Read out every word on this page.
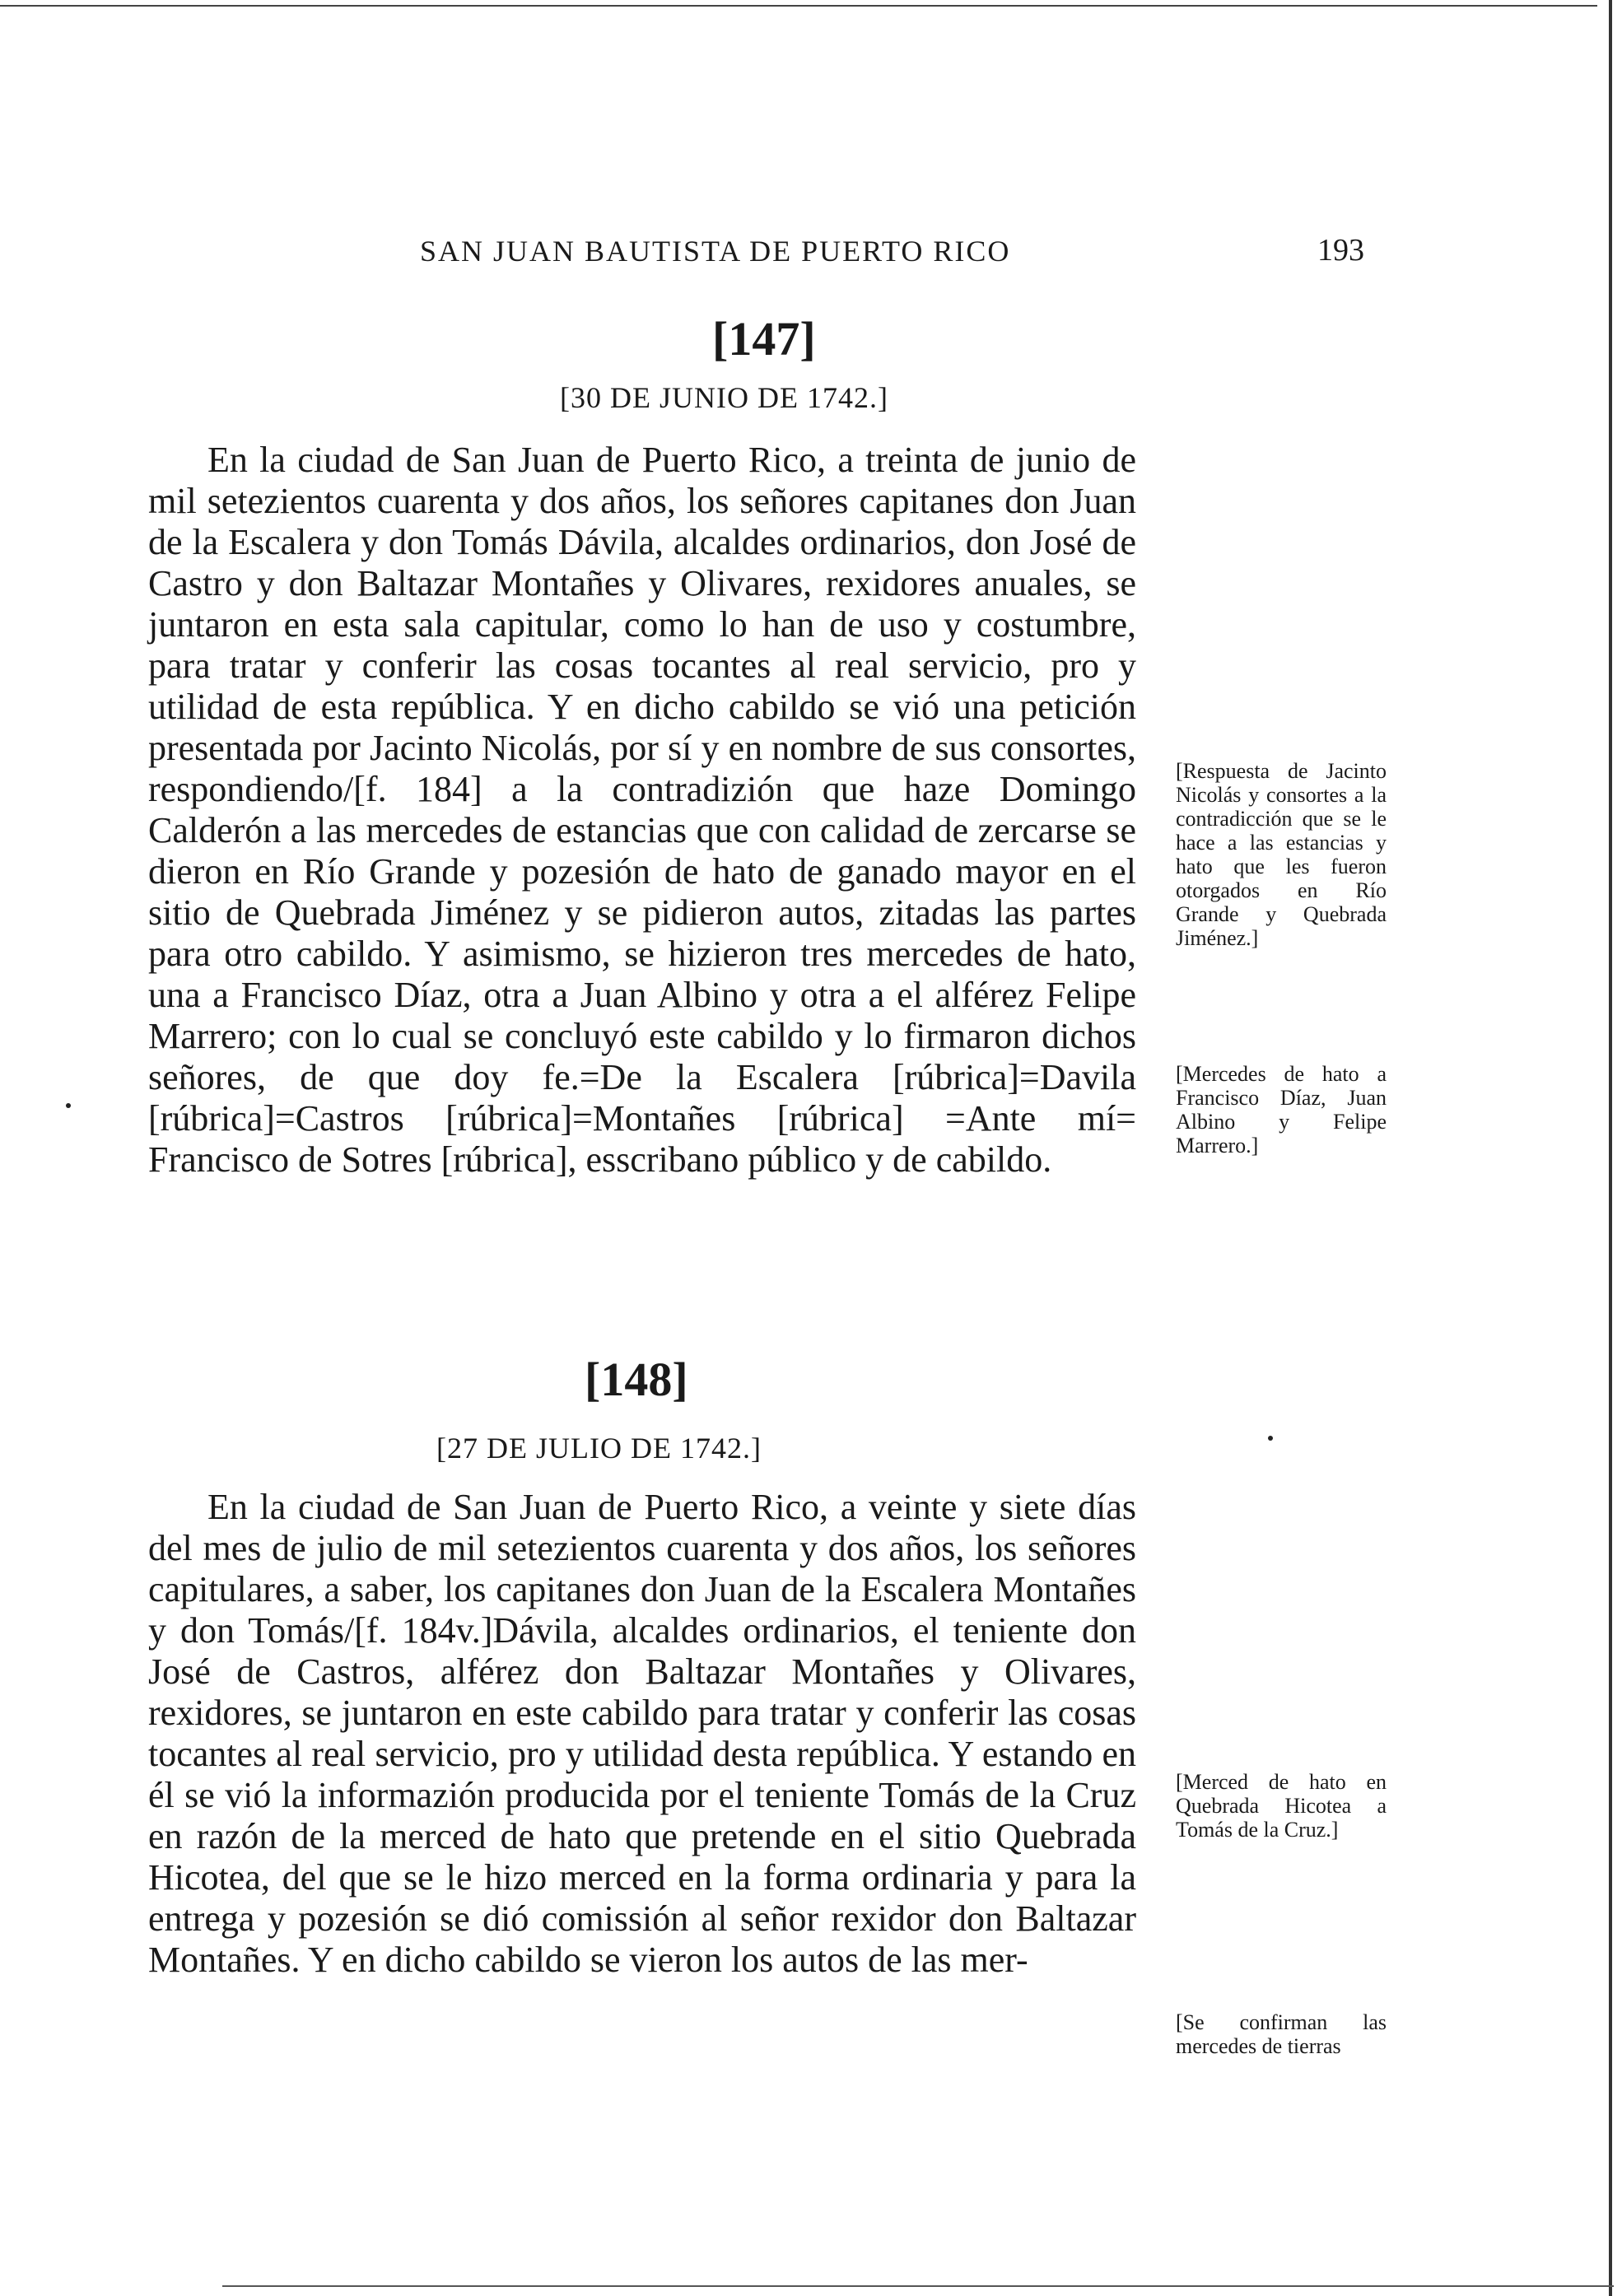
SAN JUAN BAUTISTA DE PUERTO RICO	193
[147]
[30 DE JUNIO DE 1742.]
En la ciudad de San Juan de Puerto Rico, a treinta de junio de mil setezientos cuarenta y dos años, los señores capitanes don Juan de la Escalera y don Tomás Dávila, alcaldes ordinarios, don José de Castro y don Baltazar Montañes y Olivares, rexidores anuales, se juntaron en esta sala capitular, como lo han de uso y costumbre, para tratar y conferir las cosas tocantes al real servicio, pro y utilidad de esta república. Y en dicho cabildo se vió una petición presentada por Jacinto Nicolás, por sí y en nombre de sus consortes, respondiendo/[f. 184] a la contradizión que haze Domingo Calderón a las mercedes de estancias que con calidad de zercarse se dieron en Río Grande y pozesión de hato de ganado mayor en el sitio de Quebrada Jiménez y se pidieron autos, zitadas las partes para otro cabildo. Y asimismo, se hizieron tres mercedes de hato, una a Francisco Díaz, otra a Juan Albino y otra a el alférez Felipe Marrero; con lo cual se concluyó este cabildo y lo firmaron dichos señores, de que doy fe.=De la Escalera [rúbrica]=Davila [rúbrica]=Castros [rúbrica]=Montañes [rúbrica] =Ante mí= Francisco de Sotres [rúbrica], esscribano público y de cabildo.
[148]
[27 DE JULIO DE 1742.]
En la ciudad de San Juan de Puerto Rico, a veinte y siete días del mes de julio de mil setezientos cuarenta y dos años, los señores capitulares, a saber, los capitanes don Juan de la Escalera Montañes y don Tomás/[f. 184v.]Dávila, alcaldes ordinarios, el teniente don José de Castros, alférez don Baltazar Montañes y Olivares, rexidores, se juntaron en este cabildo para tratar y conferir las cosas tocantes al real servicio, pro y utilidad desta república. Y estando en él se vió la informazión producida por el teniente Tomás de la Cruz en razón de la merced de hato que pretende en el sitio Quebrada Hicotea, del que se le hizo merced en la forma ordinaria y para la entrega y pozesión se dió comissión al señor rexidor don Baltazar Montañes. Y en dicho cabildo se vieron los autos de las mer-
[Respuesta de Jacinto Nicolás y consortes a la contradicción que se le hace a las estancias y hato que les fueron otorgados en Río Grande y Quebrada Jiménez.]
[Mercedes de hato a Francisco Díaz, Juan Albino y Felipe Marrero.]
[Merced de hato en Quebrada Hicotea a Tomás de la Cruz.]
[Se confirman las mercedes de tierras
